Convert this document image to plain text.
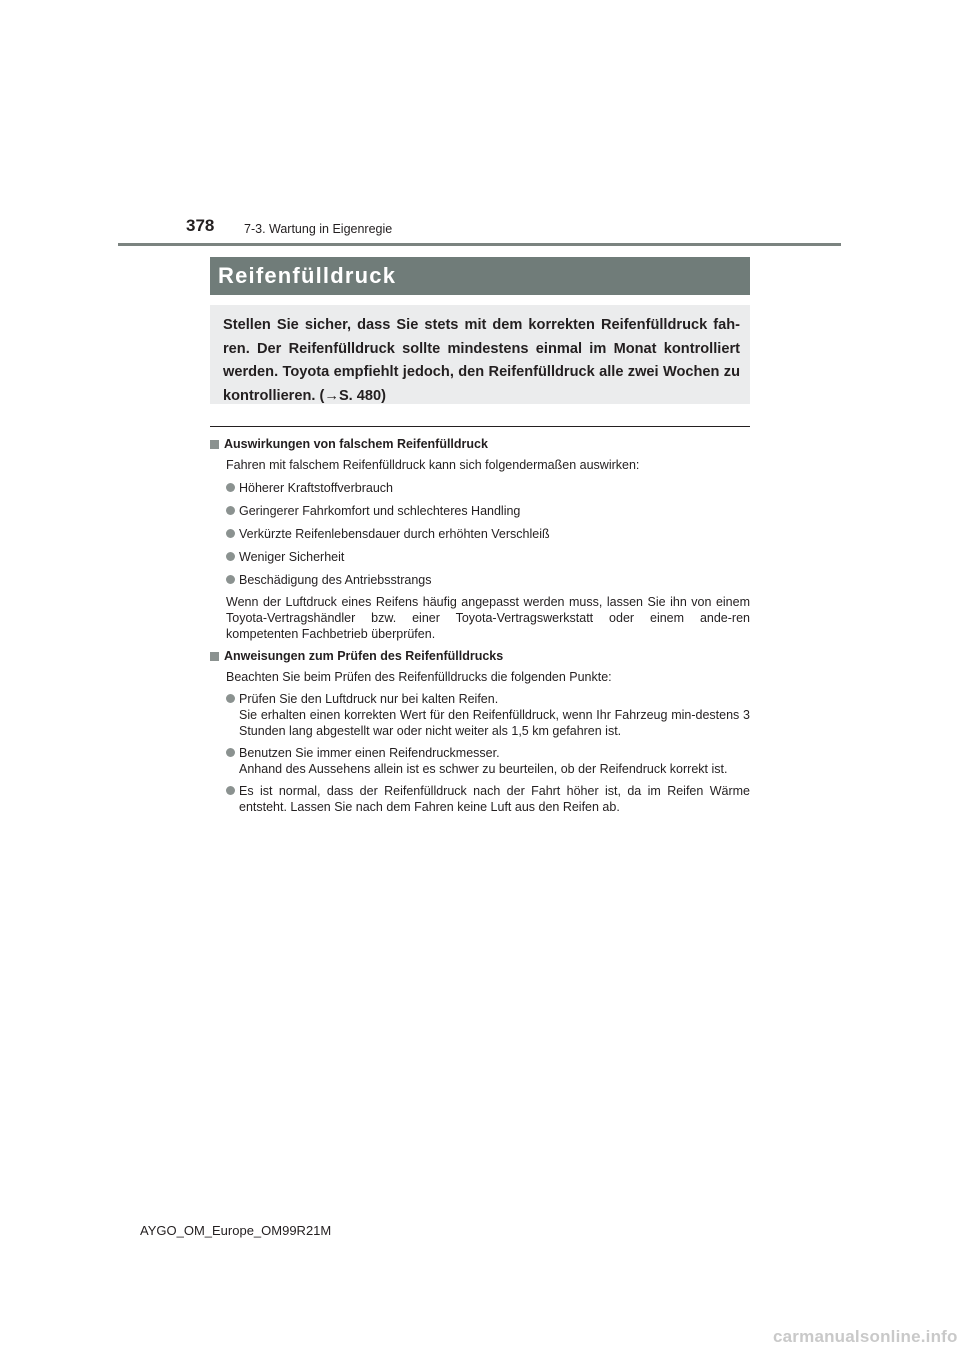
378 7-3. Wartung in Eigenregie
Reifenfülldruck
Stellen Sie sicher, dass Sie stets mit dem korrekten Reifenfülldruck fah-ren. Der Reifenfülldruck sollte mindestens einmal im Monat kontrolliert werden. Toyota empfiehlt jedoch, den Reifenfülldruck alle zwei Wochen zu kontrollieren. (→S. 480)
Auswirkungen von falschem Reifenfülldruck
Fahren mit falschem Reifenfülldruck kann sich folgendermaßen auswirken:
Höherer Kraftstoffverbrauch
Geringerer Fahrkomfort und schlechteres Handling
Verkürzte Reifenlebensdauer durch erhöhten Verschleiß
Weniger Sicherheit
Beschädigung des Antriebsstrangs
Wenn der Luftdruck eines Reifens häufig angepasst werden muss, lassen Sie ihn von einem Toyota-Vertragshändler bzw. einer Toyota-Vertragswerkstatt oder einem ande-ren kompetenten Fachbetrieb überprüfen.
Anweisungen zum Prüfen des Reifenfülldrucks
Beachten Sie beim Prüfen des Reifenfülldrucks die folgenden Punkte:
Prüfen Sie den Luftdruck nur bei kalten Reifen.
Sie erhalten einen korrekten Wert für den Reifenfülldruck, wenn Ihr Fahrzeug min-destens 3 Stunden lang abgestellt war oder nicht weiter als 1,5 km gefahren ist.
Benutzen Sie immer einen Reifendruckmesser.
Anhand des Aussehens allein ist es schwer zu beurteilen, ob der Reifendruck korrekt ist.
Es ist normal, dass der Reifenfülldruck nach der Fahrt höher ist, da im Reifen Wärme entsteht. Lassen Sie nach dem Fahren keine Luft aus den Reifen ab.
AYGO_OM_Europe_OM99R21M
carmanualsonline.info
